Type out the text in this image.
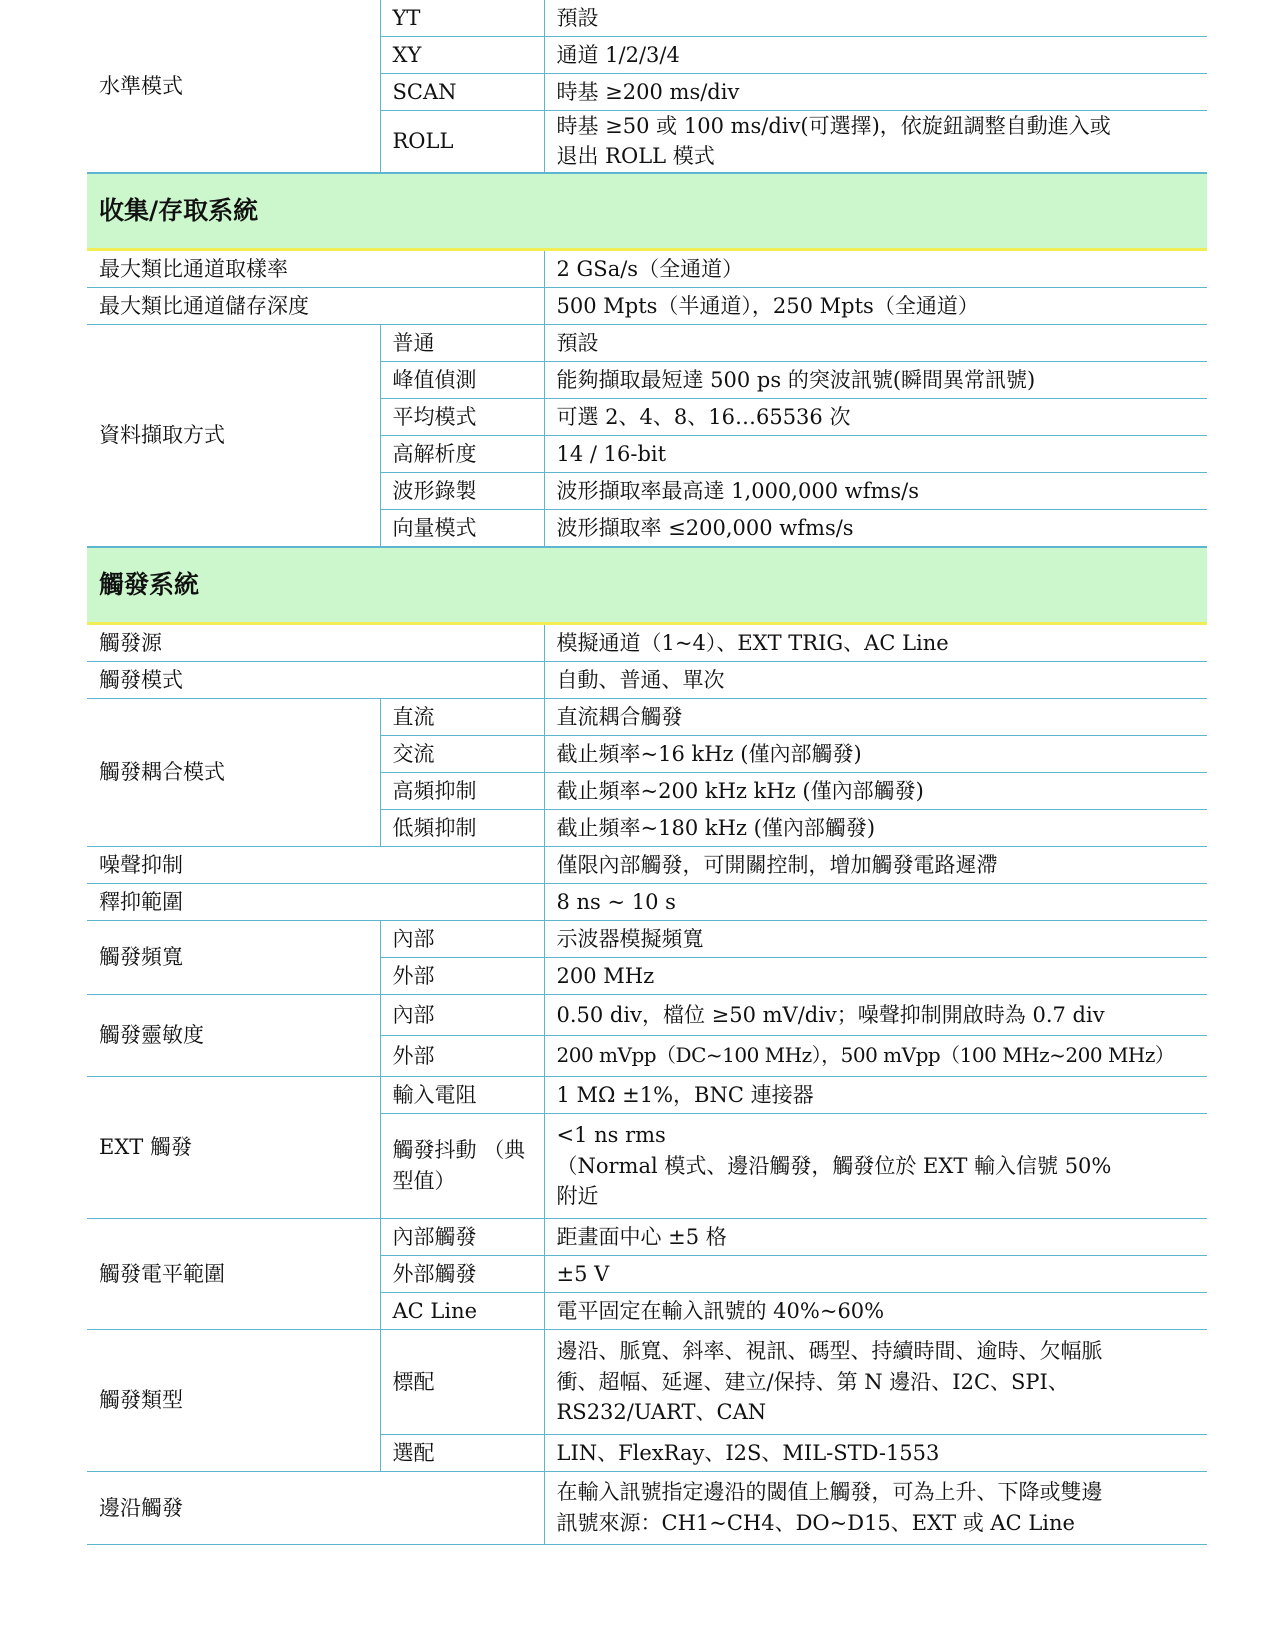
水準模式	YT	預設
	XY	通道 1/2/3/4
	SCAN	時基 ≥200 ms/div
	ROLL	時基 ≥50 或 100 ms/div(可選擇)，依旋鈕調整自動進入或
退出 ROLL 模式

收集/存取系統		
最大類比通道取樣率		2 GSa/s（全通道）
最大類比通道儲存深度		500 Mpts（半通道），250 Mpts（全通道）
資料擷取方式	普通	預設
	峰值偵測	能夠擷取最短達 500 ps 的突波訊號(瞬間異常訊號)
	平均模式	可選 2、4、8、16…65536 次
	高解析度	14 / 16-bit
	波形錄製	波形擷取率最高達 1,000,000 wfms/s
	向量模式	波形擷取率 ≤200,000 wfms/s
觸發系統		
觸發源		模擬通道（1~4）、EXT TRIG、AC Line
觸發模式		自動、普通、單次
觸發耦合模式	直流	直流耦合觸發
	交流	截止頻率~16 kHz (僅內部觸發)
	高頻抑制	截止頻率~200 kHz kHz (僅內部觸發)
	低頻抑制	截止頻率~180 kHz (僅內部觸發)
噪聲抑制		僅限內部觸發，可開關控制，增加觸發電路遲滯
釋抑範圍		8 ns ~ 10 s
觸發頻寬	內部	示波器模擬頻寬
	外部	200 MHz
觸發靈敏度	內部	0.50 div，檔位 ≥50 mV/div；噪聲抑制開啟時為 0.7 div
	外部	200 mVpp（DC~100 MHz），500 mVpp（100 MHz~200 MHz）
EXT 觸發	輸入電阻	1 MΩ ±1%，BNC 連接器
	觸發抖動 （典型值）	<1 ns rms
（Normal 模式、邊沿觸發，觸發位於 EXT 輸入信號 50%
附近

觸發電平範圍	內部觸發	距畫面中心 ±5 格
	外部觸發	±5 V
	AC Line	電平固定在輸入訊號的 40%~60%
觸發類型	標配	邊沿、脈寬、斜率、視訊、碼型、持續時間、逾時、欠幅脈
衝、超幅、延遲、建立/保持、第 N 邊沿、I2C、SPI、
RS232/UART、CAN

	選配	LIN、FlexRay、I2S、MIL-STD-1553
邊沿觸發		在輸入訊號指定邊沿的閾值上觸發，可為上升、下降或雙邊
訊號來源：CH1~CH4、DO~D15、EXT 或 AC Line
